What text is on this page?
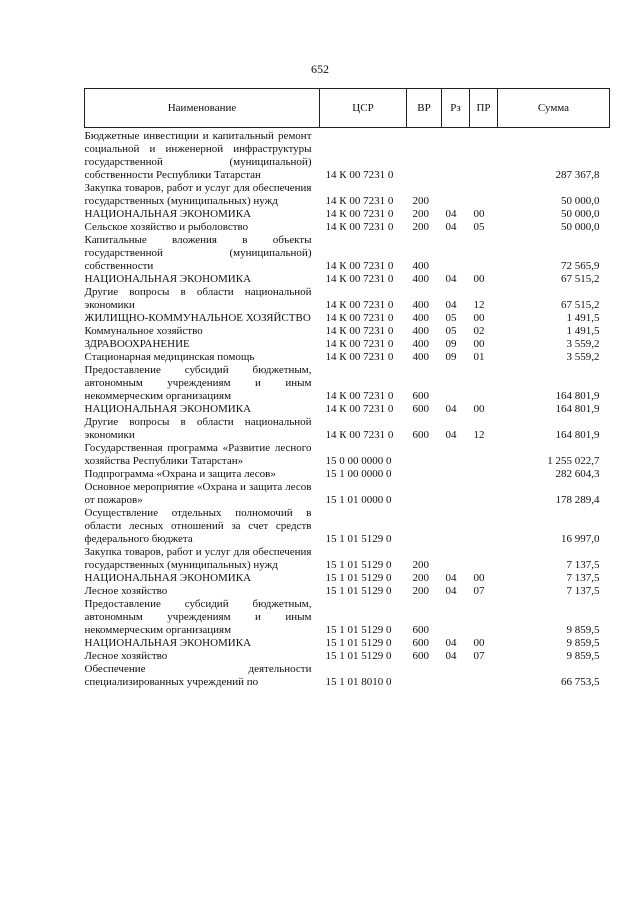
652
Наименование	ЦСР	ВР	Рз	ПР	Сумма
Бюджетные инвестиции и капитальный ремонт социальной и инженерной инфраструктуры государственной (муниципальной) собственности Республики Татарстан	14 К 00 7231 0				287 367,8
Закупка товаров, работ и услуг для обеспечения государственных (муниципальных) нужд	14 К 00 7231 0	200			50 000,0
НАЦИОНАЛЬНАЯ ЭКОНОМИКА	14 К 00 7231 0	200	04	00	50 000,0
Сельское хозяйство и рыболовство	14 К 00 7231 0	200	04	05	50 000,0
Капитальные вложения в объекты государственной (муниципальной) собственности	14 К 00 7231 0	400			72 565,9
НАЦИОНАЛЬНАЯ ЭКОНОМИКА	14 К 00 7231 0	400	04	00	67 515,2
Другие вопросы в области национальной экономики	14 К 00 7231 0	400	04	12	67 515,2
ЖИЛИЩНО-КОММУНАЛЬНОЕ ХОЗЯЙСТВО	14 К 00 7231 0	400	05	00	1 491,5
Коммунальное хозяйство	14 К 00 7231 0	400	05	02	1 491,5
ЗДРАВООХРАНЕНИЕ	14 К 00 7231 0	400	09	00	3 559,2
Стационарная медицинская помощь	14 К 00 7231 0	400	09	01	3 559,2
Предоставление субсидий бюджетным, автономным учреждениям и иным некоммерческим организациям	14 К 00 7231 0	600			164 801,9
НАЦИОНАЛЬНАЯ ЭКОНОМИКА	14 К 00 7231 0	600	04	00	164 801,9
Другие вопросы в области национальной экономики	14 К 00 7231 0	600	04	12	164 801,9
Государственная программа «Развитие лесного хозяйства Республики Татарстан»	15 0 00 0000 0				1 255 022,7
Подпрограмма «Охрана и защита лесов»	15 1 00 0000 0				282 604,3
Основное мероприятие «Охрана и защита лесов от пожаров»	15 1 01 0000 0				178 289,4
Осуществление отдельных полномочий в области лесных отношений за счет средств федерального бюджета	15 1 01 5129 0				16 997,0
Закупка товаров, работ и услуг для обеспечения государственных (муниципальных) нужд	15 1 01 5129 0	200			7 137,5
НАЦИОНАЛЬНАЯ ЭКОНОМИКА	15 1 01 5129 0	200	04	00	7 137,5
Лесное хозяйство	15 1 01 5129 0	200	04	07	7 137,5
Предоставление субсидий бюджетным, автономным учреждениям и иным некоммерческим организациям	15 1 01 5129 0	600			9 859,5
НАЦИОНАЛЬНАЯ ЭКОНОМИКА	15 1 01 5129 0	600	04	00	9 859,5
Лесное хозяйство	15 1 01 5129 0	600	04	07	9 859,5
Обеспечение деятельности специализированных учреждений по	15 1 01 8010 0				66 753,5
